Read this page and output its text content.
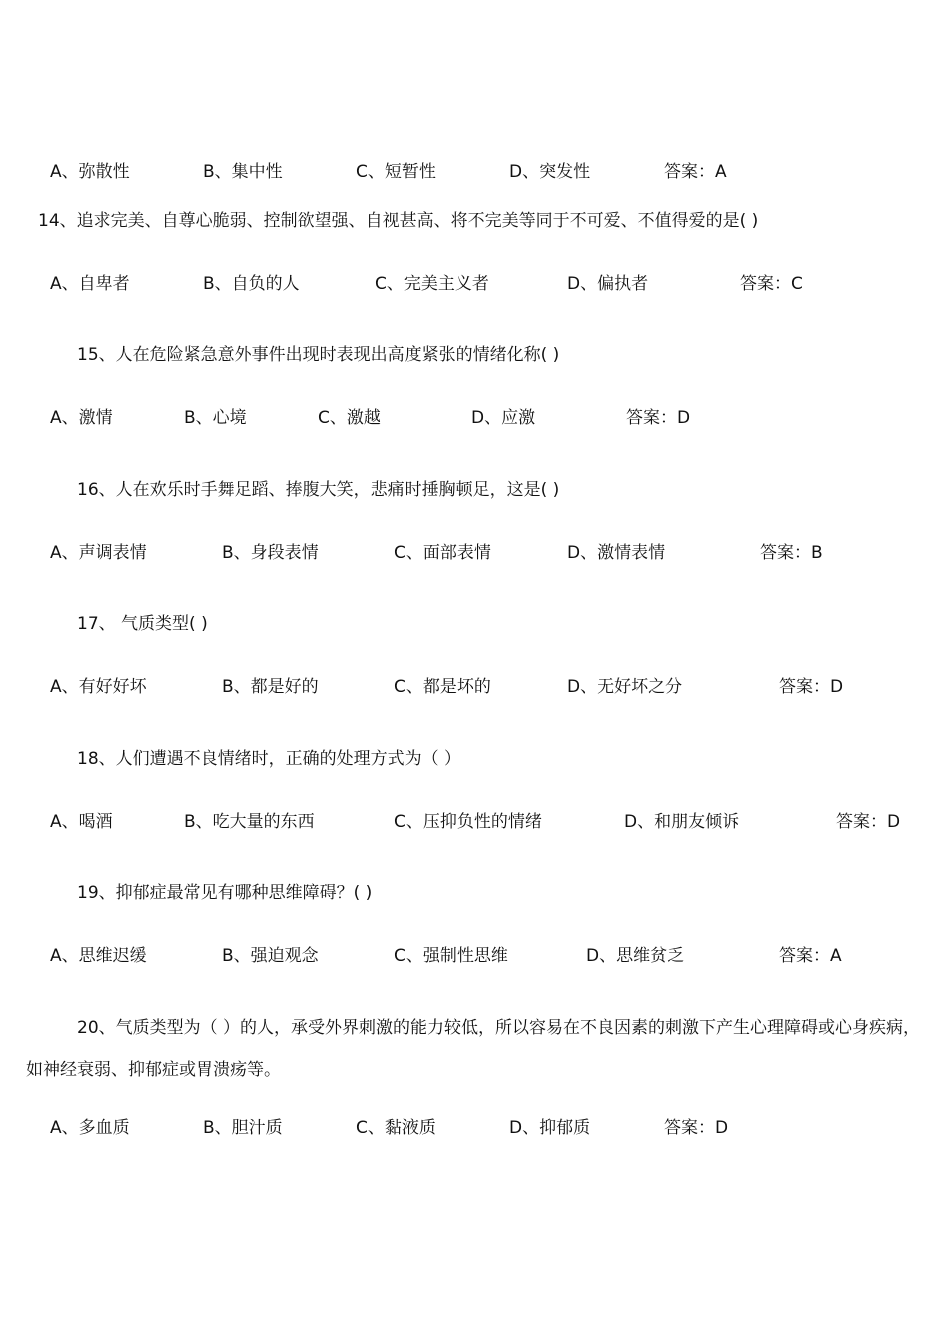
A、弥散性	B、集中性	C、短暂性	D、突发性	答案：A
14、追求完美、自尊心脆弱、控制欲望强、自视甚高、将不完美等同于不可爱、不值得爱的是( )
A、自卑者	B、自负的人	C、完美主义者	D、偏执者	答案：C
15、人在危险紧急意外事件出现时表现出高度紧张的情绪化称( )
A、激情	B、心境	C、激越	D、应激	答案：D
16、人在欢乐时手舞足蹈、捧腹大笑，悲痛时捶胸顿足，这是( )
A、声调表情	B、身段表情	C、面部表情	D、激情表情	答案：B
17、 气质类型( )
A、有好好坏	B、都是好的	C、都是坏的	D、无好坏之分	答案：D
18、人们遭遇不良情绪时，正确的处理方式为（ ）
A、喝酒	B、吃大量的东西	C、压抑负性的情绪	D、和朋友倾诉	答案：D
19、抑郁症最常见有哪种思维障碍？( )
A、思维迟缓	B、强迫观念	C、强制性思维	D、思维贫乏	答案：A
20、气质类型为（ ）的人，承受外界刺激的能力较低，所以容易在不良因素的刺激下产生心理障碍或心身疾病，如神经衰弱、抑郁症或胃溃疡等。
A、多血质	B、胆汁质	C、黏液质	D、抑郁质	答案：D
